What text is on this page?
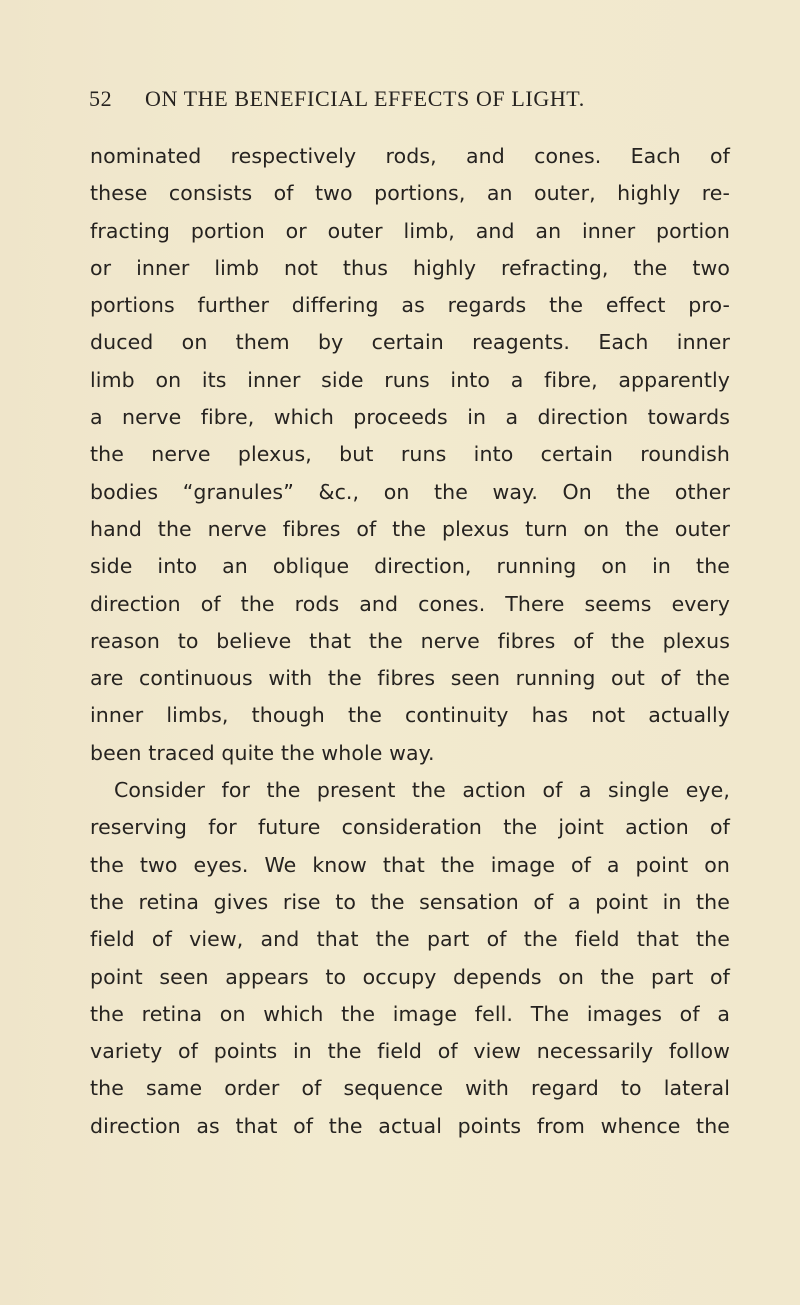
52 ON THE BENEFICIAL EFFECTS OF LIGHT.
nominated respectively rods, and cones. Each of
these consists of two portions, an outer, highly re-
fracting portion or outer limb, and an inner portion
or inner limb not thus highly refracting, the two
portions further differing as regards the effect pro-
duced on them by certain reagents. Each inner
limb on its inner side runs into a fibre, apparently
a nerve fibre, which proceeds in a direction towards
the nerve plexus, but runs into certain roundish
bodies “granules” &c., on the way. On the other
hand the nerve fibres of the plexus turn on the outer
side into an oblique direction, running on in the
direction of the rods and cones. There seems every
reason to believe that the nerve fibres of the plexus
are continuous with the fibres seen running out of the
inner limbs, though the continuity has not actually
been traced quite the whole way.
Consider for the present the action of a single eye,
reserving for future consideration the joint action of
the two eyes. We know that the image of a point on
the retina gives rise to the sensation of a point in the
field of view, and that the part of the field that the
point seen appears to occupy depends on the part of
the retina on which the image fell. The images of a
variety of points in the field of view necessarily follow
the same order of sequence with regard to lateral
direction as that of the actual points from whence the
